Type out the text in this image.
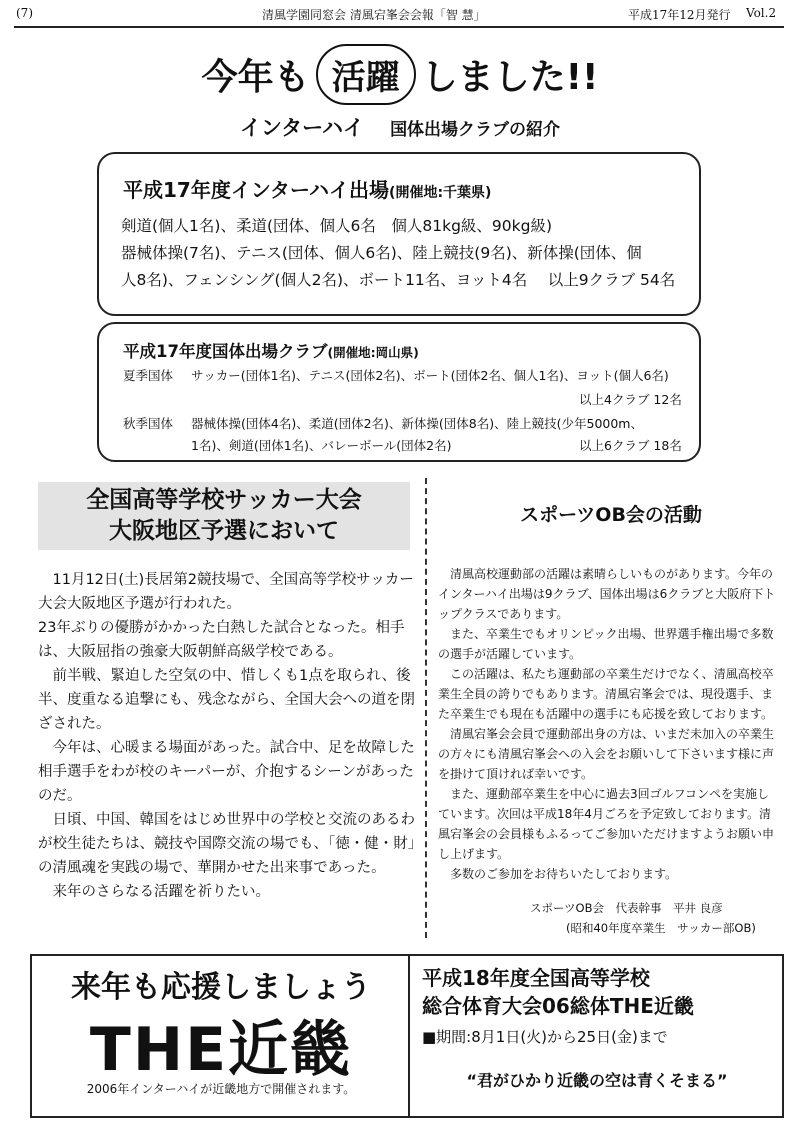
(7)	清風学園同窓会 清風宕峯会会報「智 慧」	平成17年12月発行 Vol.2
今年も 活躍 しました!!
インターハイ 国体出場クラブの紹介
平成17年度インターハイ出場(開催地:千葉県)
剣道(個人1名)、柔道(団体、個人6名　個人81kg級、90kg級)
器械体操(7名)、テニス(団体、個人6名)、陸上競技(9名)、新体操(団体、個
人8名)、フェンシング(個人2名)、ボート11名、ヨット4名　 以上9クラブ 54名
平成17年度国体出場クラブ(開催地:岡山県)
夏季国体 サッカー(団体1名)、テニス(団体2名)、ボート(団体2名、個人1名)、ヨット(個人6名)
以上4クラブ 12名
秋季国体 器械体操(団体4名)、柔道(団体2名)、新体操(団体8名)、陸上競技(少年5000m、
1名)、剣道(団体1名)、バレーボール(団体2名)	以上6クラブ 18名
全国高等学校サッカー大会
大阪地区予選において

11月12日(土)長居第2競技場で、全国高等学校サッカー大会大阪地区予選が行われた。

23年ぶりの優勝がかかった白熱した試合となった。相手は、大阪屈指の強豪大阪朝鮮高級学校である。

前半戦、緊迫した空気の中、惜しくも1点を取られ、後半、度重なる追撃にも、残念ながら、全国大会への道を閉ざされた。

今年は、心暖まる場面があった。試合中、足を故障した相手選手をわが校のキーパーが、介抱するシーンがあったのだ。

日頃、中国、韓国をはじめ世界中の学校と交流のあるわが校生徒たちは、競技や国際交流の場でも、「徳・健・財」の清風魂を実践の場で、華開かせた出来事であった。

来年のさらなる活躍を祈りたい。

スポーツOB会の活動

清風高校運動部の活躍は素晴らしいものがあります。今年のインターハイ出場は9クラブ、国体出場は6クラブと大阪府下トップクラスであります。

また、卒業生でもオリンピック出場、世界選手権出場で多数の選手が活躍しています。

この活躍は、私たち運動部の卒業生だけでなく、清風高校卒業生全員の誇りでもあります。清風宕峯会では、現役選手、また卒業生でも現在も活躍中の選手にも応援を致しております。

清風宕峯会会員で運動部出身の方は、いまだ未加入の卒業生の方々にも清風宕峯会への入会をお願いして下さいます様に声を掛けて頂ければ幸いです。

また、運動部卒業生を中心に過去3回ゴルフコンペを実施しています。次回は平成18年4月ごろを予定致しております。清風宕峯会の会員様もふるってご参加いただけますようお願い申し上げます。

多数のご参加をお待ちいたしております。

スポーツOB会　代表幹事　平井 良彦
(昭和40年度卒業生　サッカー部OB)
来年も応援しましょう
THE近畿
2006年インターハイが近畿地方で開催されます。
平成18年度全国高等学校
総合体育大会06総体THE近畿
■期間:8月1日(火)から25日(金)まで
“君がひかり近畿の空は青くそまる”
